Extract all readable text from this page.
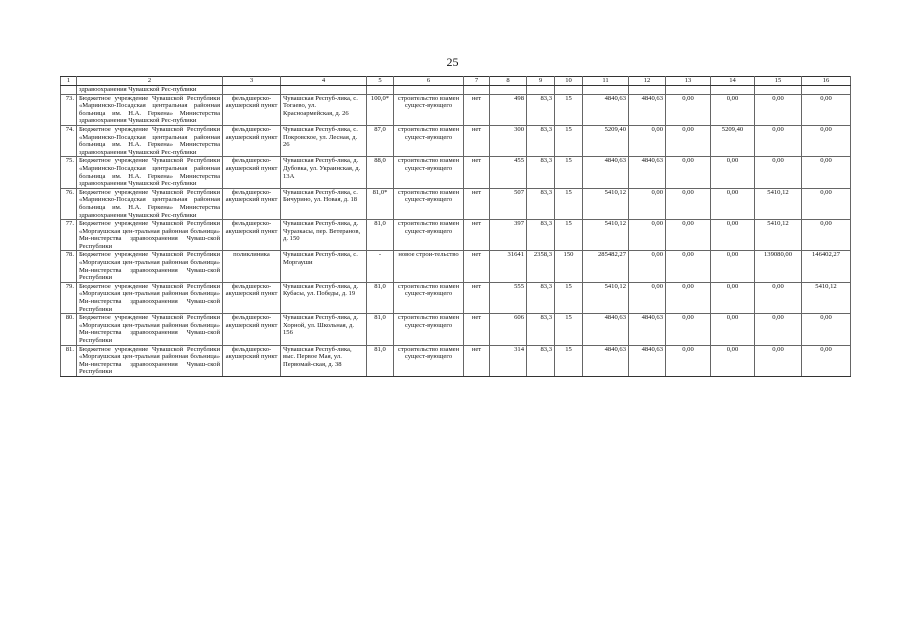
25
1	2	3	4	5	6	7	8	9	10	11	12	13	14	15	16
	здравоохранения Чувашской Рес-публики														
73.	Бюджетное учреждение Чувашской Республики «Мариинско-Посадская центральная районная больница им. Н.А. Геркена» Министерства здравоохранения Чувашской Рес-публики	фельдшерско-акушерский пункт	Чувашская Респуб-лика, с. Тогаево, ул. Красноармейская, д. 26	100,0*	строительство взамен сущест-вующего	нет	498	83,3	15	4840,63	4840,63	0,00	0,00	0,00	0,00
74.	Бюджетное учреждение Чувашской Республики «Мариинско-Посадская центральная районная больница им. Н.А. Геркена» Министерства здравоохранения Чувашской Рес-публики	фельдшерско-акушерский пункт	Чувашская Респуб-лика, с. Покровское, ул. Лесная, д. 26	87,0	строительство взамен сущест-вующего	нет	300	83,3	15	5209,40	0,00	0,00	5209,40	0,00	0,00
75.	Бюджетное учреждение Чувашской Республики «Мариинско-Посадская центральная районная больница им. Н.А. Геркена» Министерства здравоохранения Чувашской Рес-публики	фельдшерско-акушерский пункт	Чувашская Респуб-лика, д. Дубовка, ул. Украинская, д. 13А	88,0	строительство взамен сущест-вующего	нет	455	83,3	15	4840,63	4840,63	0,00	0,00	0,00	0,00
76.	Бюджетное учреждение Чувашской Республики «Мариинско-Посадская центральная районная больница им. Н.А. Геркена» Министерства здравоохранения Чувашской Рес-публики	фельдшерско-акушерский пункт	Чувашская Респуб-лика, с. Бичурино, ул. Новая, д. 18	81,0*	строительство взамен сущест-вующего	нет	507	83,3	15	5410,12	0,00	0,00	0,00	5410,12	0,00
77.	Бюджетное учреждение Чувашской Республики «Моргаушская цен-тральная районная больница» Ми-нистерства здравоохранения Чуваш-ской Республики	фельдшерско-акушерский пункт	Чувашская Респуб-лика, д. Чуразкасы, пер. Ветеранов, д. 150	81,0	строительство взамен сущест-вующего	нет	397	83,3	15	5410,12	0,00	0,00	0,00	5410,12	0,00
78.	Бюджетное учреждение Чувашской Республики «Моргаушская цен-тральная районная больница» Ми-нистерства здравоохранения Чуваш-ской Республики	поликлиника	Чувашская Респуб-лика, с. Моргауши	-	новое строи-тельство	нет	31641	2358,3	150	285482,27	0,00	0,00	0,00	139080,00	146402,27
79.	Бюджетное учреждение Чувашской Республики «Моргаушская цен-тральная районная больница» Ми-нистерства здравоохранения Чуваш-ской Республики	фельдшерско-акушерский пункт	Чувашская Респуб-лика, д. Кубасы, ул. Победы, д. 19	81,0	строительство взамен сущест-вующего	нет	555	83,3	15	5410,12	0,00	0,00	0,00	0,00	5410,12
80.	Бюджетное учреждение Чувашской Республики «Моргаушская цен-тральная районная больница» Ми-нистерства здравоохранения Чуваш-ской Республики	фельдшерско-акушерский пункт	Чувашская Респуб-лика, д. Хорной, ул. Школьная, д. 156	81,0	строительство взамен сущест-вующего	нет	606	83,3	15	4840,63	4840,63	0,00	0,00	0,00	0,00
81.	Бюджетное учреждение Чувашской Республики «Моргаушская цен-тральная районная больница» Ми-нистерства здравоохранения Чуваш-ской Республики	фельдшерско-акушерский пункт	Чувашская Респуб-лика, выс. Первое Мая, ул. Первомай-ская, д. 38	81,0	строительство взамен сущест-вующего	нет	314	83,3	15	4840,63	4840,63	0,00	0,00	0,00	0,00
